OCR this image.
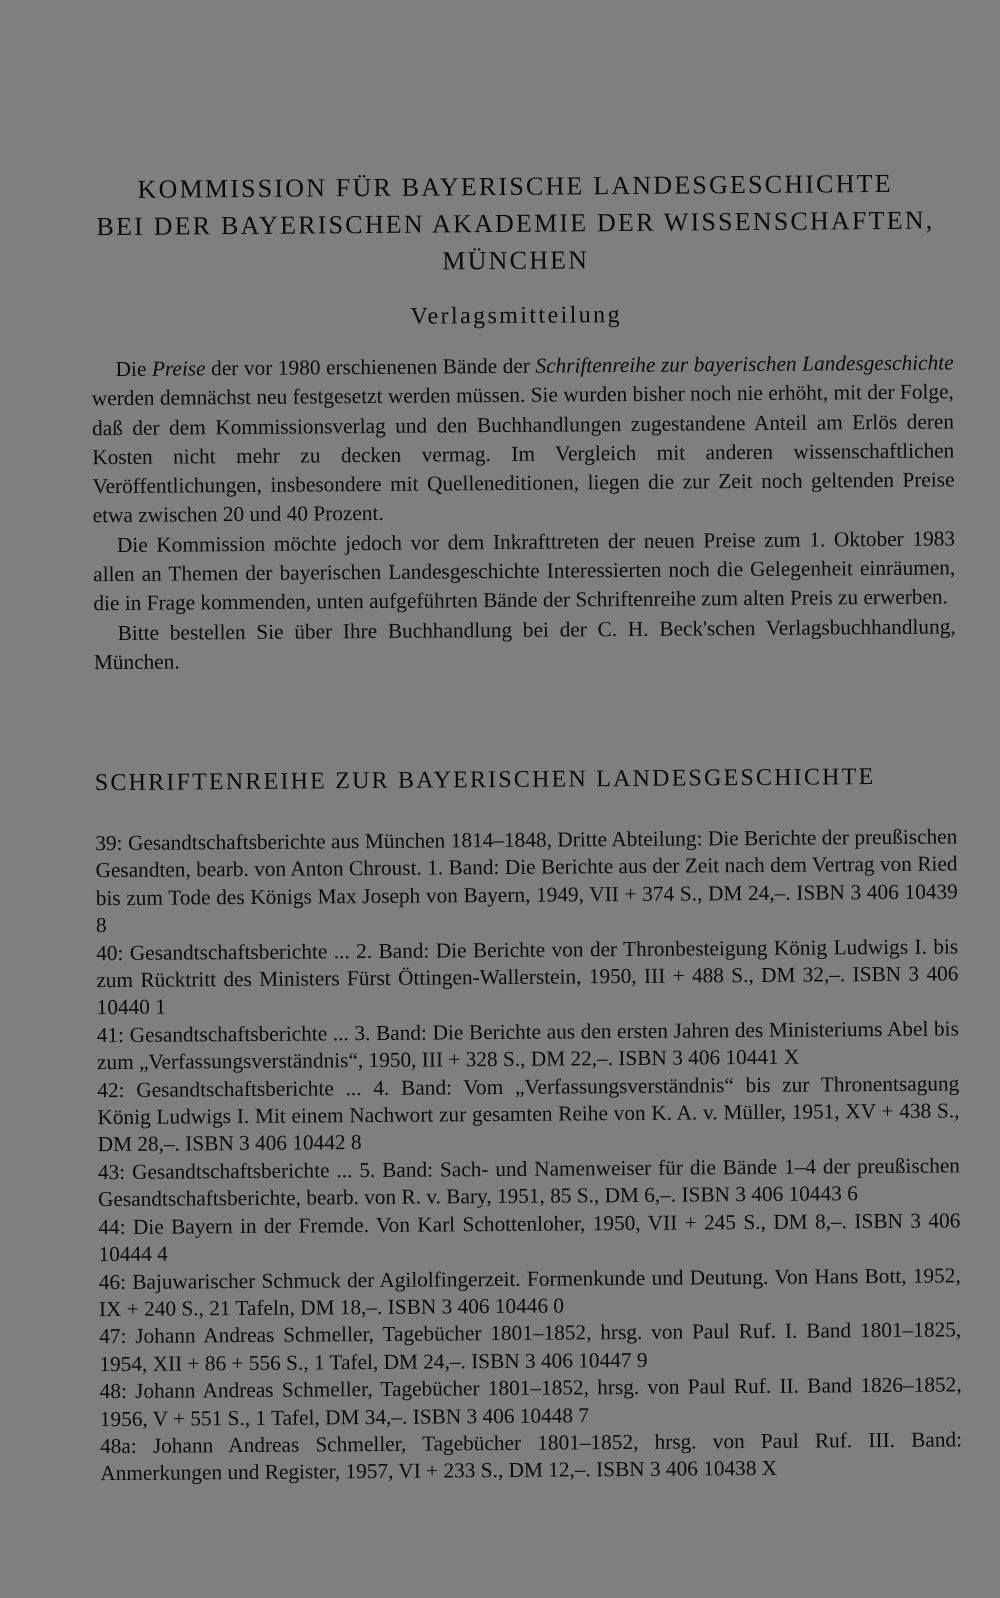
KOMMISSION FÜR BAYERISCHE LANDESGESCHICHTE
BEI DER BAYERISCHEN AKADEMIE DER WISSENSCHAFTEN,
MÜNCHEN
Verlagsmitteilung

Die Preise der vor 1980 erschienenen Bände der Schriftenreihe zur bayerischen Landesgeschichte werden demnächst neu festgesetzt werden müssen. Sie wurden bisher noch nie erhöht, mit der Folge, daß der dem Kommissionsverlag und den Buchhandlungen zugestandene Anteil am Erlös deren Kosten nicht mehr zu decken vermag. Im Vergleich mit anderen wissenschaftlichen Veröffentlichungen, insbesondere mit Quelleneditionen, liegen die zur Zeit noch geltenden Preise etwa zwischen 20 und 40 Prozent.

Die Kommission möchte jedoch vor dem Inkrafttreten der neuen Preise zum 1. Oktober 1983 allen an Themen der bayerischen Landesgeschichte Interessierten noch die Gelegenheit einräumen, die in Frage kommenden, unten aufgeführten Bände der Schriftenreihe zum alten Preis zu erwerben.

Bitte bestellen Sie über Ihre Buchhandlung bei der C. H. Beck'schen Verlagsbuchhandlung, München.

SCHRIFTENREIHE ZUR BAYERISCHEN LANDESGESCHICHTE

39: Gesandtschaftsberichte aus München 1814–1848, Dritte Abteilung: Die Berichte der preußischen Gesandten, bearb. von Anton Chroust. 1. Band: Die Berichte aus der Zeit nach dem Vertrag von Ried bis zum Tode des Königs Max Joseph von Bayern, 1949, VII + 374 S., DM 24,–. ISBN 3 406 10439 8

40: Gesandtschaftsberichte ... 2. Band: Die Berichte von der Thronbesteigung König Ludwigs I. bis zum Rücktritt des Ministers Fürst Öttingen-Wallerstein, 1950, III + 488 S., DM 32,–. ISBN 3 406 10440 1

41: Gesandtschaftsberichte ... 3. Band: Die Berichte aus den ersten Jahren des Ministeriums Abel bis zum „Verfassungsverständnis“, 1950, III + 328 S., DM 22,–. ISBN 3 406 10441 X

42: Gesandtschaftsberichte ... 4. Band: Vom „Verfassungsverständnis“ bis zur Thronentsagung König Ludwigs I. Mit einem Nachwort zur gesamten Reihe von K. A. v. Müller, 1951, XV + 438 S., DM 28,–. ISBN 3 406 10442 8

43: Gesandtschaftsberichte ... 5. Band: Sach- und Namenweiser für die Bände 1–4 der preußischen Gesandtschaftsberichte, bearb. von R. v. Bary, 1951, 85 S., DM 6,–. ISBN 3 406 10443 6

44: Die Bayern in der Fremde. Von Karl Schottenloher, 1950, VII + 245 S., DM 8,–. ISBN 3 406 10444 4

46: Bajuwarischer Schmuck der Agilolfingerzeit. Formenkunde und Deutung. Von Hans Bott, 1952, IX + 240 S., 21 Tafeln, DM 18,–. ISBN 3 406 10446 0

47: Johann Andreas Schmeller, Tagebücher 1801–1852, hrsg. von Paul Ruf. I. Band 1801–1825, 1954, XII + 86 + 556 S., 1 Tafel, DM 24,–. ISBN 3 406 10447 9

48: Johann Andreas Schmeller, Tagebücher 1801–1852, hrsg. von Paul Ruf. II. Band 1826–1852, 1956, V + 551 S., 1 Tafel, DM 34,–. ISBN 3 406 10448 7

48a: Johann Andreas Schmeller, Tagebücher 1801–1852, hrsg. von Paul Ruf. III. Band: Anmerkungen und Register, 1957, VI + 233 S., DM 12,–. ISBN 3 406 10438 X
